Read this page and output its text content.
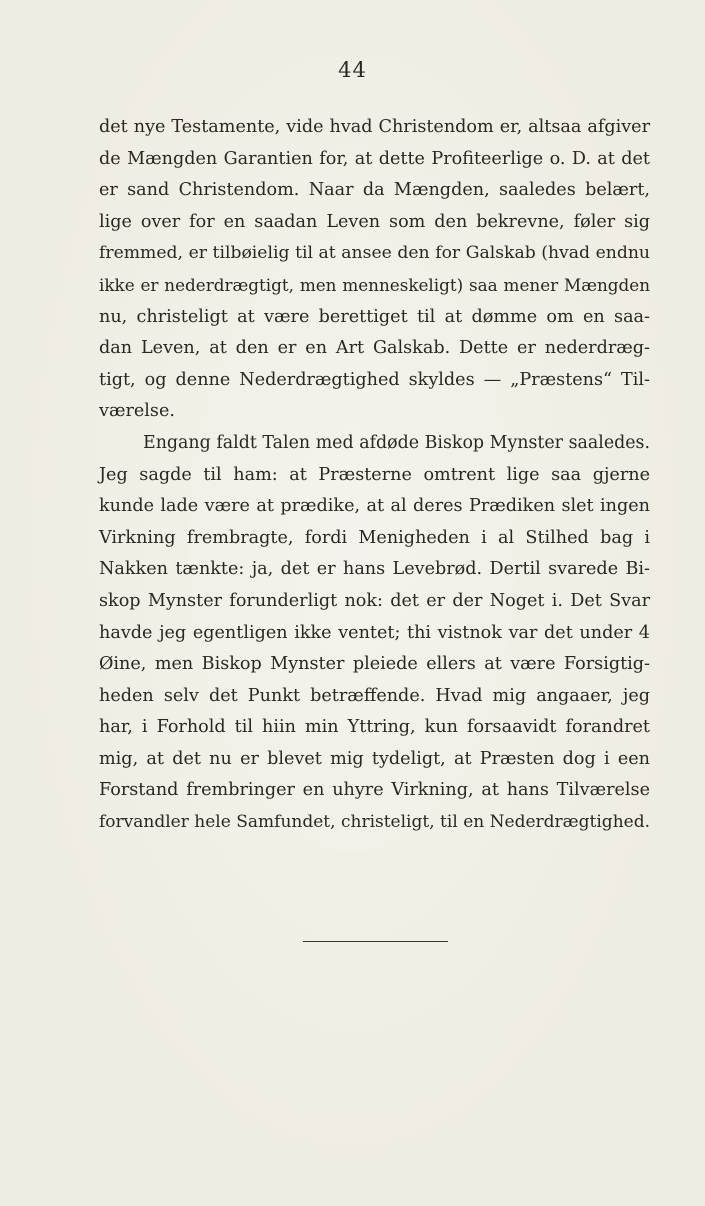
44
det nye Testamente, vide hvad Christendom er, altsaa afgiver
de Mængden Garantien for, at dette Profiteerlige o. D. at det
er sand Christendom. Naar da Mængden, saaledes belært,
lige over for en saadan Leven som den bekrevne, føler sig
fremmed, er tilbøielig til at ansee den for Galskab (hvad endnu
ikke er nederdrægtigt, men menneskeligt) saa mener Mængden
nu, christeligt at være berettiget til at dømme om en saa-
dan Leven, at den er en Art Galskab. Dette er nederdræg-
tigt, og denne Nederdrægtighed skyldes — „Præstens“ Til-
værelse.
Engang faldt Talen med afdøde Biskop Mynster saaledes.
Jeg sagde til ham: at Præsterne omtrent lige saa gjerne
kunde lade være at prædike, at al deres Prædiken slet ingen
Virkning frembragte, fordi Menigheden i al Stilhed bag i
Nakken tænkte: ja, det er hans Levebrød. Dertil svarede Bi-
skop Mynster forunderligt nok: det er der Noget i. Det Svar
havde jeg egentligen ikke ventet; thi vistnok var det under 4
Øine, men Biskop Mynster pleiede ellers at være Forsigtig-
heden selv det Punkt betræffende. Hvad mig angaaer, jeg
har, i Forhold til hiin min Yttring, kun forsaavidt forandret
mig, at det nu er blevet mig tydeligt, at Præsten dog i een
Forstand frembringer en uhyre Virkning, at hans Tilværelse
forvandler hele Samfundet, christeligt, til en Nederdrægtighed.
